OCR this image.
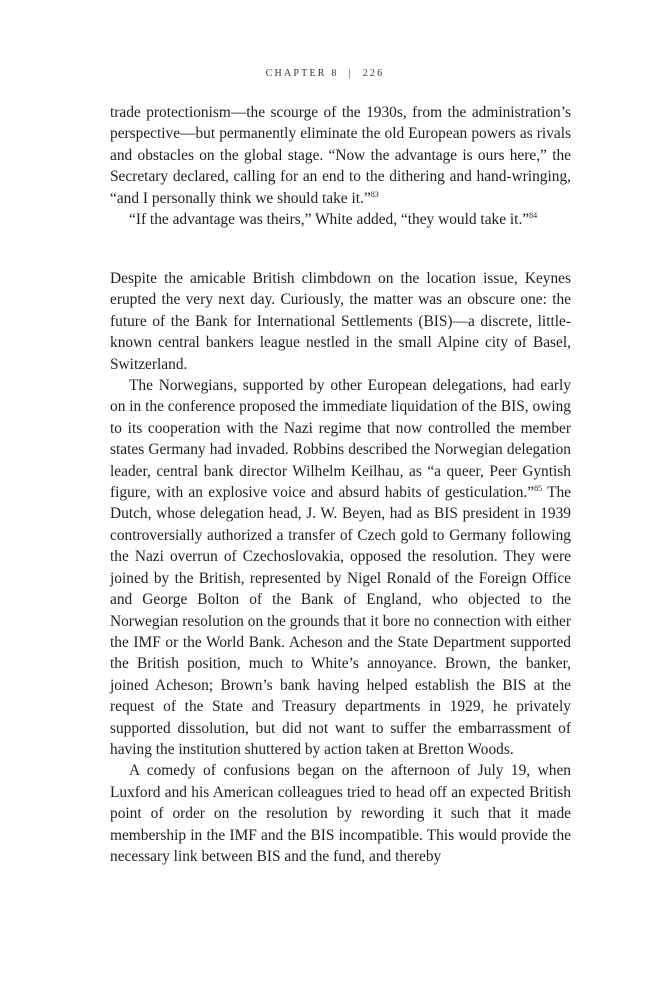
CHAPTER 8 | 226

trade protectionism—the scourge of the 1930s, from the administration’s perspective—but permanently eliminate the old European powers as rivals and obstacles on the global stage. “Now the advantage is ours here,” the Secretary declared, calling for an end to the dithering and hand-wringing, “and I personally think we should take it.”$^{83}$

“If the advantage was theirs,” White added, “they would take it.”$^{84}$

Despite the amicable British climbdown on the location issue, Keynes erupted the very next day. Curiously, the matter was an obscure one: the future of the Bank for International Settlements (BIS)—a discrete, little-known central bankers league nestled in the small Alpine city of Basel, Switzerland.

The Norwegians, supported by other European delegations, had early on in the conference proposed the immediate liquidation of the BIS, owing to its cooperation with the Nazi regime that now controlled the member states Germany had invaded. Robbins described the Norwegian delegation leader, central bank director Wilhelm Keilhau, as “a queer, Peer Gyntish figure, with an explosive voice and absurd habits of gesticulation.”$^{85}$ The Dutch, whose delegation head, J. W. Beyen, had as BIS president in 1939 controversially authorized a transfer of Czech gold to Germany following the Nazi overrun of Czechoslovakia, opposed the resolution. They were joined by the British, represented by Nigel Ronald of the Foreign Office and George Bolton of the Bank of England, who objected to the Norwegian resolution on the grounds that it bore no connection with either the IMF or the World Bank. Acheson and the State Department supported the British position, much to White’s annoyance. Brown, the banker, joined Acheson; Brown’s bank having helped establish the BIS at the request of the State and Treasury departments in 1929, he privately supported dissolution, but did not want to suffer the embarrassment of having the institution shuttered by action taken at Bretton Woods.

A comedy of confusions began on the afternoon of July 19, when Luxford and his American colleagues tried to head off an expected British point of order on the resolution by rewording it such that it made membership in the IMF and the BIS incompatible. This would provide the necessary link between BIS and the fund, and thereby
